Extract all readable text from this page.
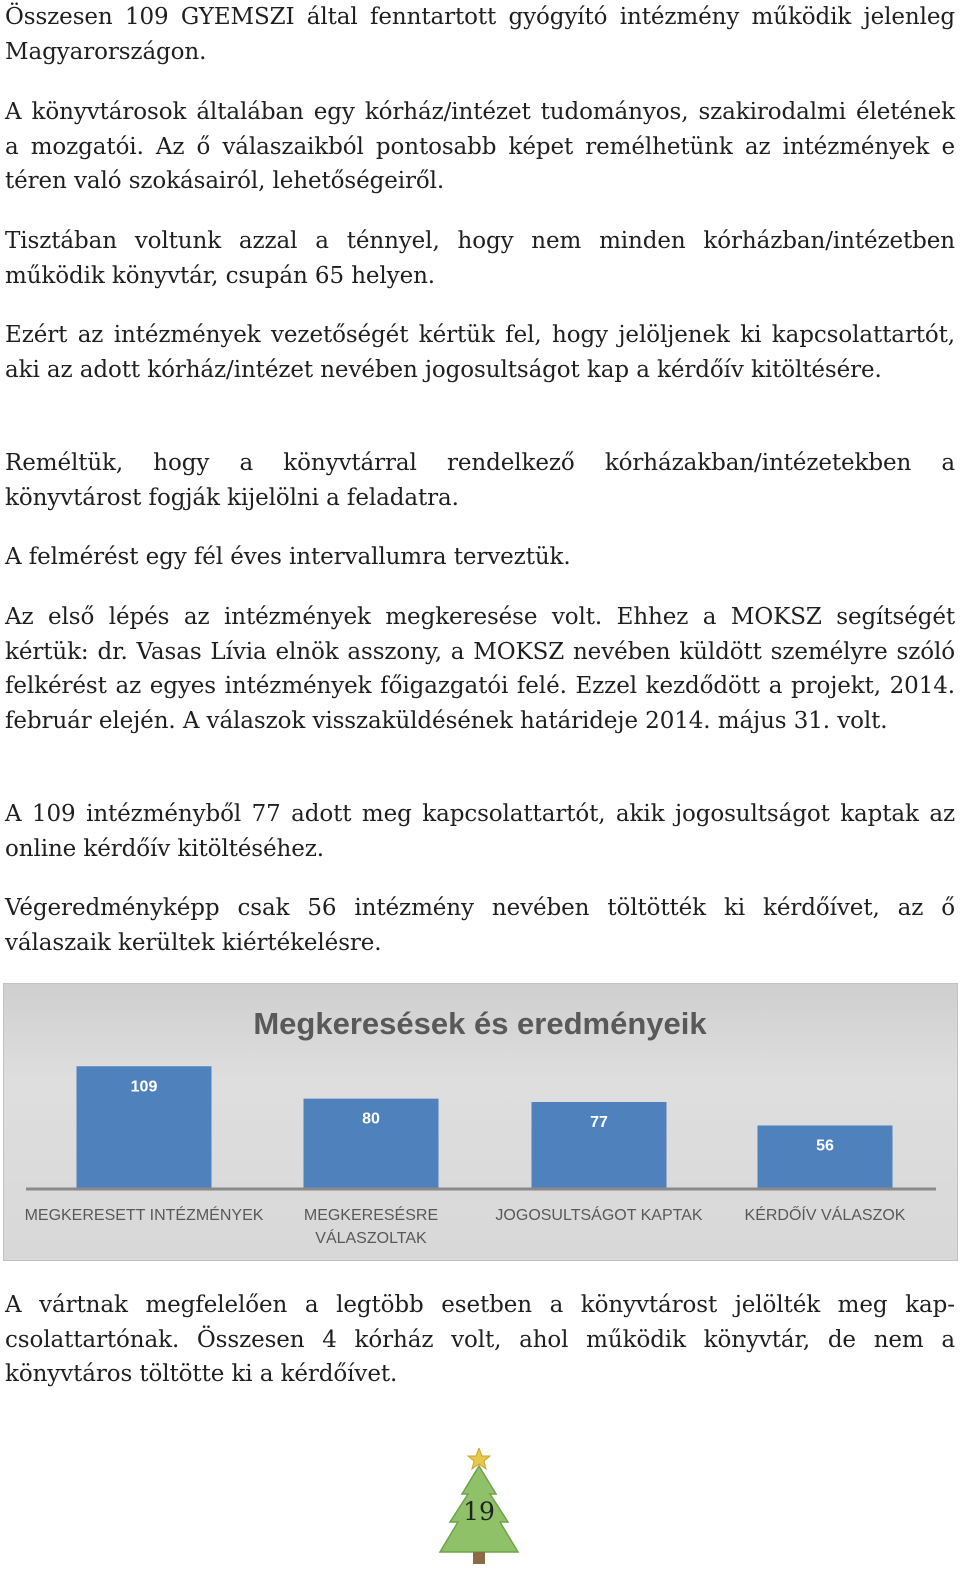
Összesen 109 GYEMSZI által fenntartott gyógyító intézmény működik jelenleg Magyarországon.

A könyvtárosok általában egy kórház/intézet tudományos, szakirodalmi életének a mozgatói. Az ő válaszaikból pontosabb képet remélhetünk az intézmények e téren való szokásairól, lehetőségeiről.

Tisztában voltunk azzal a ténnyel, hogy nem minden kórházban/intézetben működik könyvtár, csupán 65 helyen.

Ezért az intézmények vezetőségét kértük fel, hogy jelöljenek ki kapcsolattartót, aki az adott kórház/intézet nevében jogosultságot kap a kérdőív kitöltésére.

Reméltük, hogy a könyvtárral rendelkező kórházakban/intézetekben a könyvtárost fogják kijelölni a feladatra.

A felmérést egy fél éves intervallumra terveztük.

Az első lépés az intézmények megkeresése volt. Ehhez a MOKSZ segítségét kértük: dr. Vasas Lívia elnök asszony, a MOKSZ nevében küldött személyre szóló felkérést az egyes intézmények főigazgatói felé. Ezzel kezdődött a projekt, 2014. február elején. A válaszok visszaküldésének határideje 2014. május 31. volt.

A 109 intézményből 77 adott meg kapcsolattartót, akik jogosultságot kaptak az online kérdőív kitöltéséhez.

Végeredményképp csak 56 intézmény nevében töltötték ki kérdőívet, az ő válaszaik kerültek kiértékelésre.

A vártnak megfelelően a legtöbb esetben a könyvtárost jelölték meg kapcsolattartónak. Összesen 4 kórház volt, ahol működik könyvtár, de nem a könyvtáros töltötte ki a kérdőívet.

Megkeresések és eredményeik
109
80	77
56
MEGKERESETT INTÉZMÉNYEK	MEGKERESÉSRE
VÁLASZOLTAK
JOGOSULTSÁGOT KAPTAK	KÉRDŐÍV VÁLASZOK
19
